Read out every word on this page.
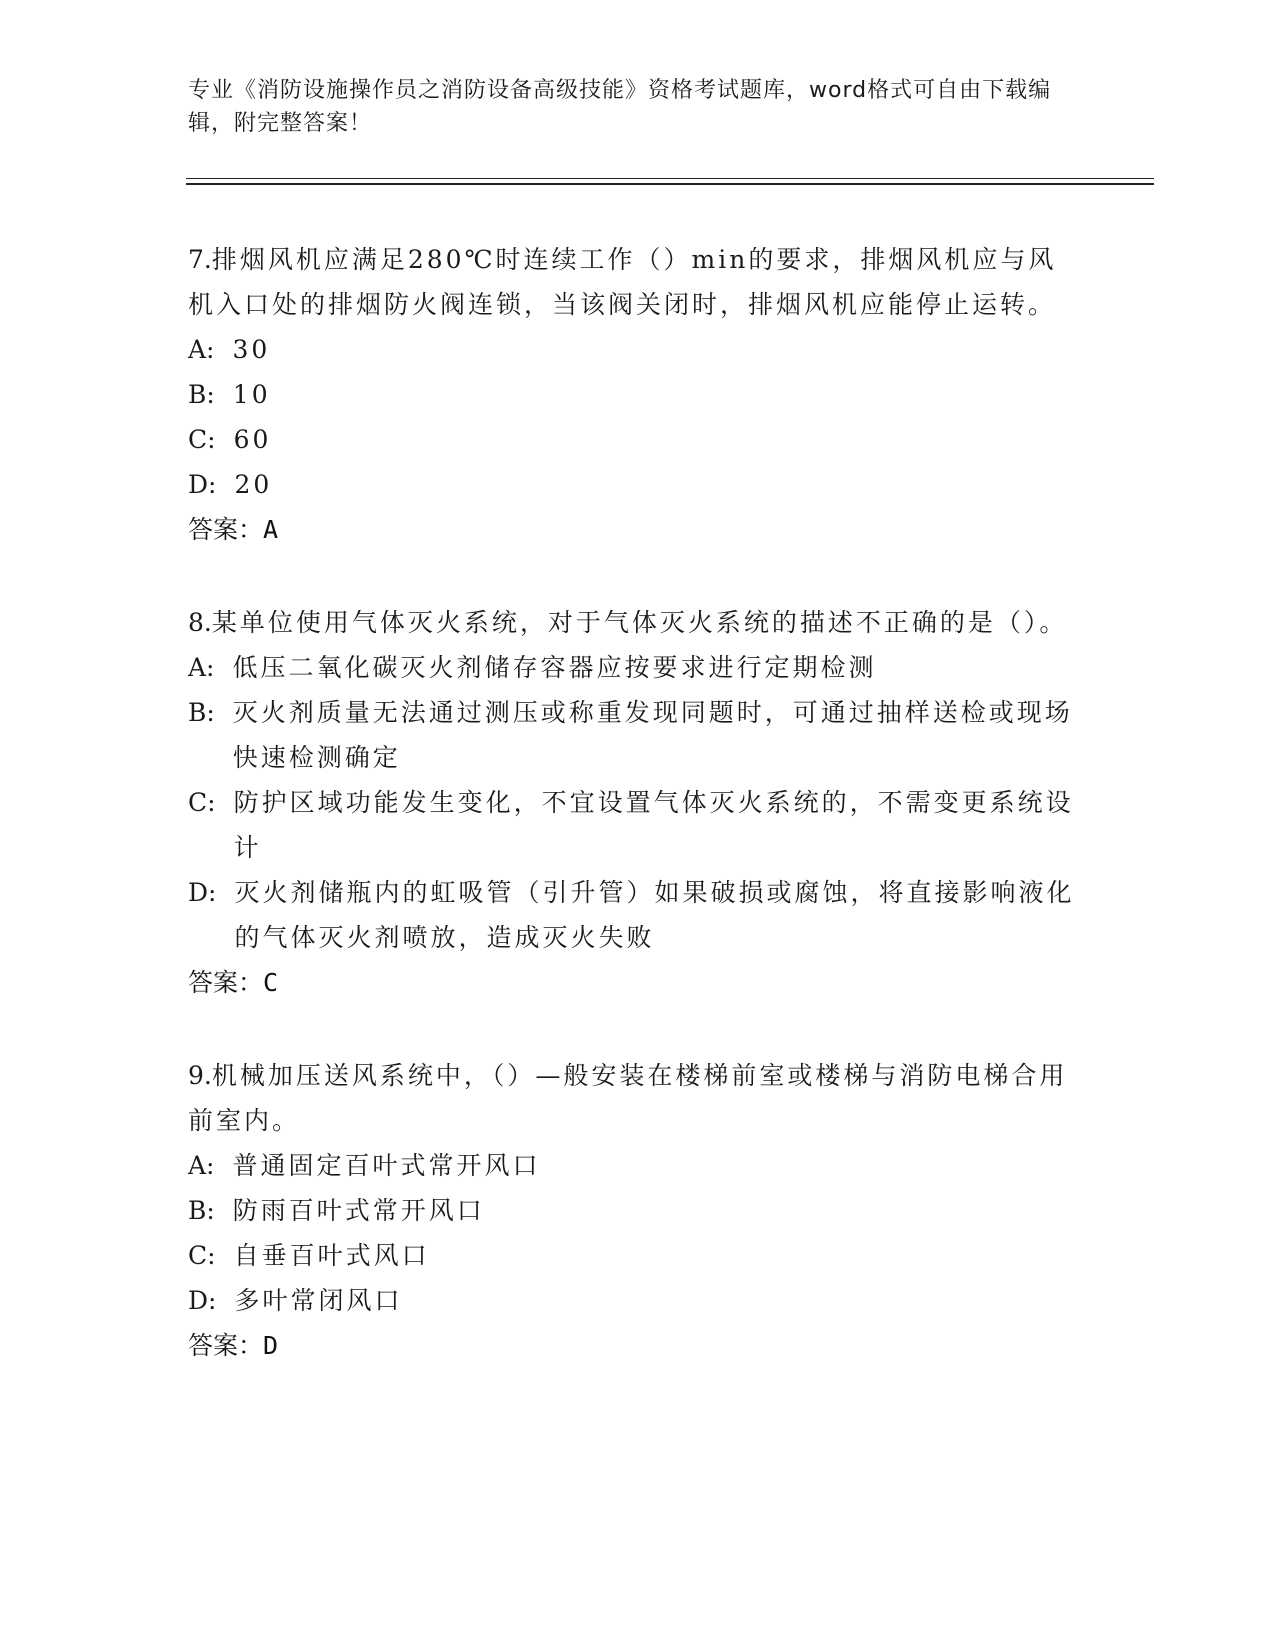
专业《消防设施操作员之消防设备高级技能》资格考试题库，word格式可自由下载编辑，附完整答案！

7.排烟风机应满足280℃时连续工作（）min的要求，排烟风机应与风机入口处的排烟防火阀连锁，当该阀关闭时，排烟风机应能停止运转。

A: 30

B: 10

C: 60

D: 20

答案：A

8.某单位使用气体灭火系统，对于气体灭火系统的描述不正确的是（）。

A: 低压二氧化碳灭火剂储存容器应按要求进行定期检测

B: 灭火剂质量无法通过测压或称重发现同题时，可通过抽样送检或现场快速检测确定

C: 防护区域功能发生变化，不宜设置气体灭火系统的，不需变更系统设计

D: 灭火剂储瓶内的虹吸管（引升管）如果破损或腐蚀，将直接影响液化的气体灭火剂喷放，造成灭火失败

答案：C

9.机械加压送风系统中，（）—般安装在楼梯前室或楼梯与消防电梯合用前室内。

A: 普通固定百叶式常开风口

B: 防雨百叶式常开风口

C: 自垂百叶式风口

D: 多叶常闭风口

答案：D
